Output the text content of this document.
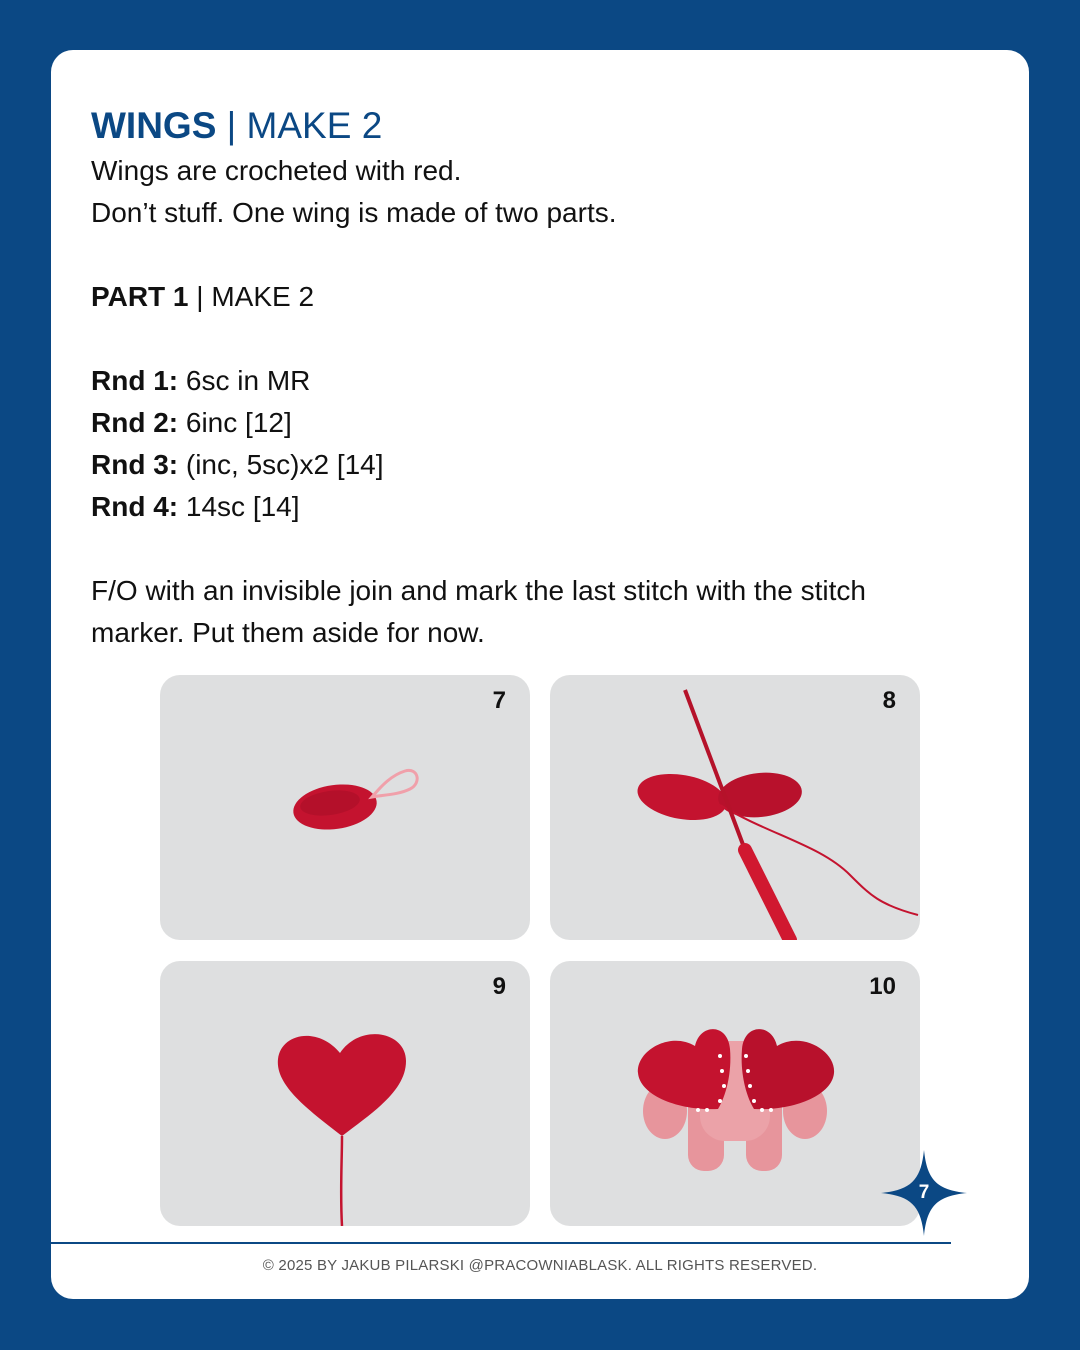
WINGS | MAKE 2

Wings are crocheted with red.

Don’t stuff. One wing is made of two parts.

PART 1 | MAKE 2

Rnd 1: 6sc in MR

Rnd 2: 6inc [12]

Rnd 3: (inc, 5sc)x2 [14]

Rnd 4: 14sc [14]

F/O with an invisible join and mark the last stitch with the stitch

marker. Put them aside for now.

7	8
9	10
© 2025 BY JAKUB PILARSKI @PRACOWNIABLASK. ALL RIGHTS RESERVED.
7
